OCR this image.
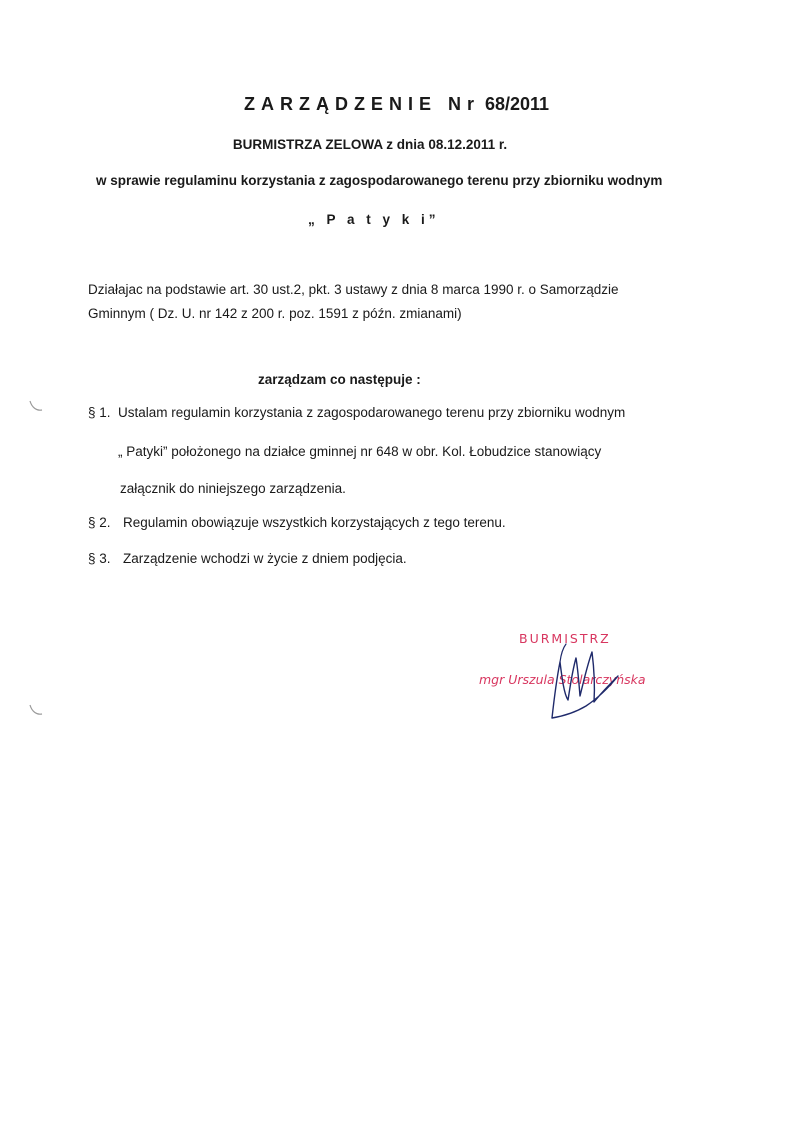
ZARZĄDZENIE Nr 68/2011
BURMISTRZA ZELOWA z dnia 08.12.2011 r.
w sprawie regulaminu korzystania z zagospodarowanego terenu przy zbiorniku wodnym
„ P a t y k i”
Działajac na podstawie art. 30 ust.2, pkt. 3 ustawy z dnia 8 marca 1990 r. o Samorządzie
Gminnym ( Dz. U. nr 142 z 200 r. poz. 1591 z późn. zmianami)
zarządzam co następuje :
§ 1. Ustalam regulamin korzystania z zagospodarowanego terenu przy zbiorniku wodnym
„ Patyki” położonego na działce gminnej nr 648 w obr. Kol. Łobudzice stanowiący
załącznik do niniejszego zarządzenia.
§ 2. Regulamin obowiązuje wszystkich korzystających z tego terenu.
§ 3. Zarządzenie wchodzi w życie z dniem podjęcia.
BURMISTRZ
mgr Urszula Stolarczyńska
